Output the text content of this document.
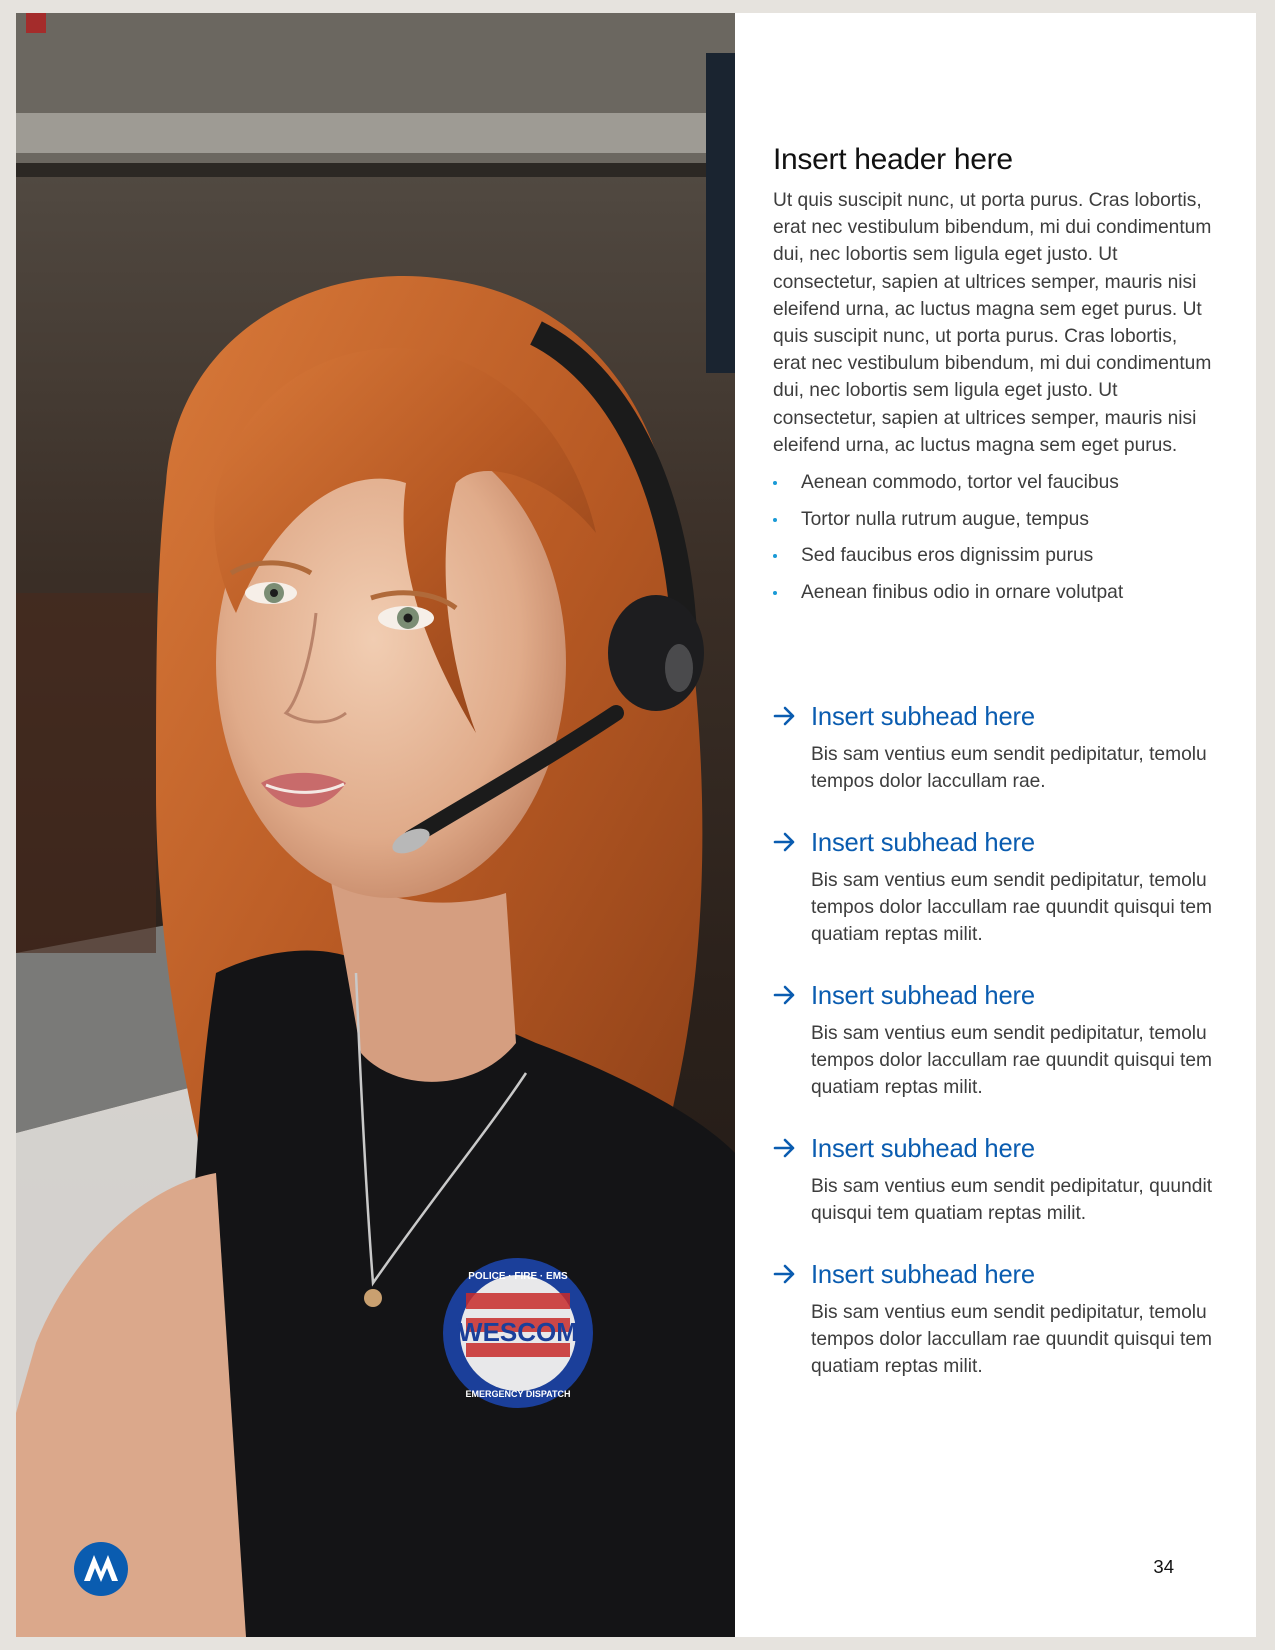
WESCOM
POLICE · FIRE · EMS
EMERGENCY DISPATCH
Insert header here

Ut quis suscipit nunc, ut porta purus. Cras lobortis, erat nec vestibulum bibendum, mi dui condimentum dui, nec lobortis sem ligula eget justo. Ut consectetur, sapien at ultrices semper, mauris nisi eleifend urna, ac luctus magna sem eget purus. Ut quis suscipit nunc, ut porta purus. Cras lobortis, erat nec vestibulum bibendum, mi dui condimentum dui, nec lobortis sem ligula eget justo. Ut consectetur, sapien at ultrices semper, mauris nisi eleifend urna, ac luctus magna sem eget purus.

Aenean commodo, tortor vel faucibus
Tortor nulla rutrum augue, tempus
Sed faucibus eros dignissim purus
Aenean finibus odio in ornare volutpat
Insert subhead here

Bis sam ventius eum sendit pedipitatur, temolu tempos dolor laccullam rae.

Insert subhead here

Bis sam ventius eum sendit pedipitatur, temolu tempos dolor laccullam rae quundit quisqui tem quatiam reptas milit.

Insert subhead here

Bis sam ventius eum sendit pedipitatur, temolu tempos dolor laccullam rae quundit quisqui tem quatiam reptas milit.

Insert subhead here

Bis sam ventius eum sendit pedipitatur, quundit quisqui tem quatiam reptas milit.

Insert subhead here

Bis sam ventius eum sendit pedipitatur, temolu tempos dolor laccullam rae quundit quisqui tem quatiam reptas milit.

34
